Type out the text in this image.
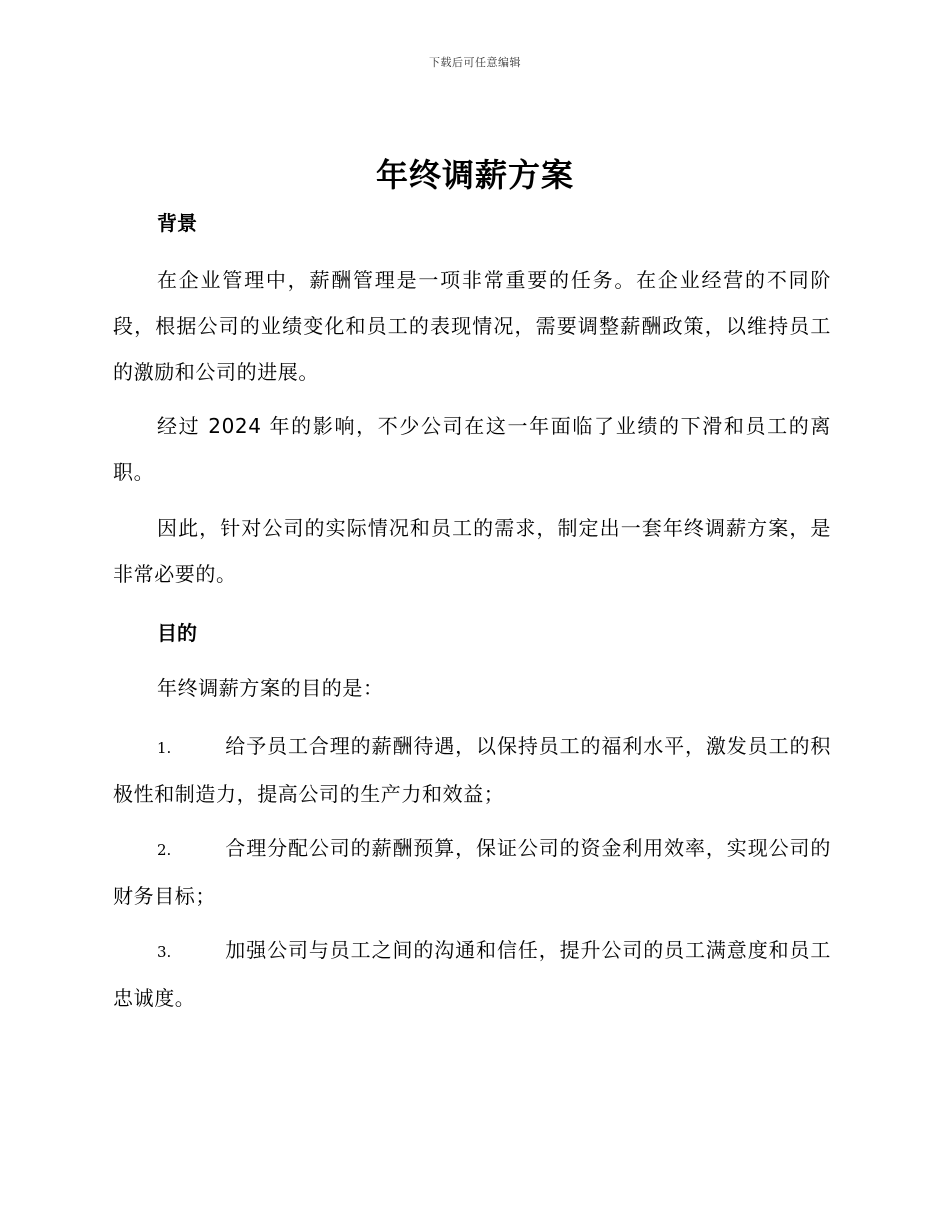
下载后可任意编辑
年终调薪方案
背景
在企业管理中，薪酬管理是一项非常重要的任务。在企业经营的不同阶段，根据公司的业绩变化和员工的表现情况，需要调整薪酬政策，以维持员工的激励和公司的进展。
经过 2024 年的影响，不少公司在这一年面临了业绩的下滑和员工的离职。
因此，针对公司的实际情况和员工的需求，制定出一套年终调薪方案，是非常必要的。
目的
年终调薪方案的目的是：
1.	给予员工合理的薪酬待遇，以保持员工的福利水平，激发员工的积极性和制造力，提高公司的生产力和效益；
2.	合理分配公司的薪酬预算，保证公司的资金利用效率，实现公司的财务目标；
3.	加强公司与员工之间的沟通和信任，提升公司的员工满意度和员工忠诚度。
